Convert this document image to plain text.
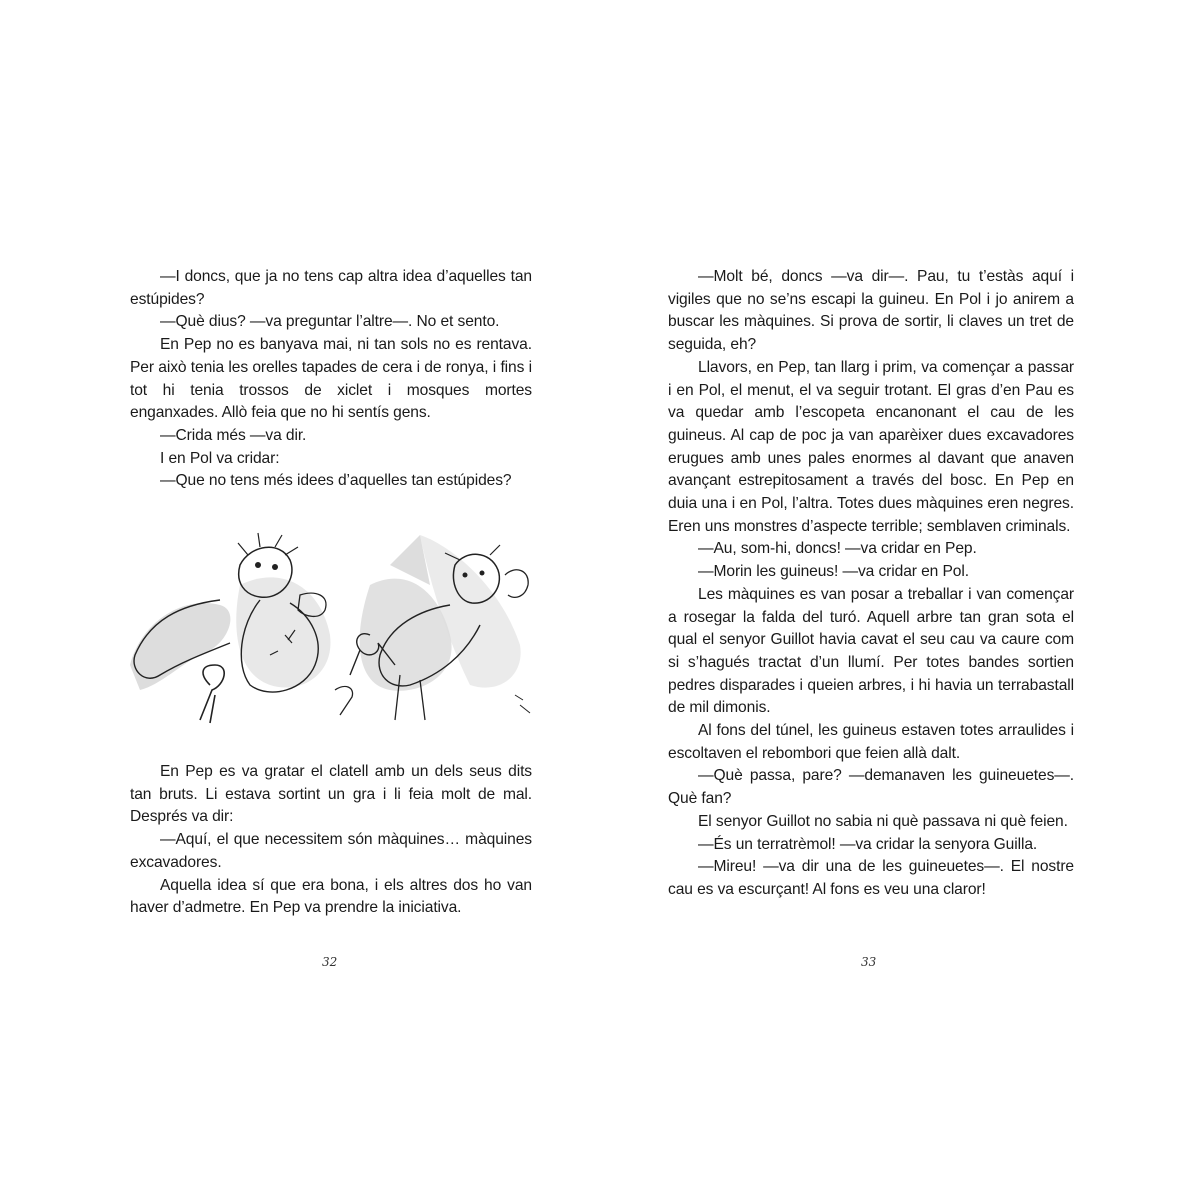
—I doncs, que ja no tens cap altra idea d’aquelles tan estúpides?

—Què dius? —va preguntar l’altre—. No et sento.

En Pep no es banyava mai, ni tan sols no es rentava. Per això tenia les orelles tapades de cera i de ronya, i fins i tot hi tenia trossos de xiclet i mosques mortes enganxades. Allò feia que no hi sentís gens.

—Crida més —va dir.

I en Pol va cridar:

—Que no tens més idees d’aquelles tan estúpides?

En Pep es va gratar el clatell amb un dels seus dits tan bruts. Li estava sortint un gra i li feia molt de mal. Després va dir:

—Aquí, el que necessitem són màquines… màquines excavadores.

Aquella idea sí que era bona, i els altres dos ho van haver d’admetre. En Pep va prendre la iniciativa.

—Molt bé, doncs —va dir—. Pau, tu t’estàs aquí i vigiles que no se’ns escapi la guineu. En Pol i jo anirem a buscar les màquines. Si prova de sortir, li claves un tret de seguida, eh?

Llavors, en Pep, tan llarg i prim, va començar a passar i en Pol, el menut, el va seguir trotant. El gras d’en Pau es va quedar amb l’escopeta encanonant el cau de les guineus. Al cap de poc ja van aparèixer dues excavadores erugues amb unes pales enormes al davant que anaven avançant estrepitosament a través del bosc. En Pep en duia una i en Pol, l’altra. Totes dues màquines eren negres. Eren uns monstres d’aspecte terrible; semblaven criminals.

—Au, som-hi, doncs! —va cridar en Pep.

—Morin les guineus! —va cridar en Pol.

Les màquines es van posar a treballar i van començar a rosegar la falda del turó. Aquell arbre tan gran sota el qual el senyor Guillot havia cavat el seu cau va caure com si s’hagués tractat d’un llumí. Per totes bandes sortien pedres disparades i queien arbres, i hi havia un terrabastall de mil dimonis.

Al fons del túnel, les guineus estaven totes arraulides i escoltaven el rebombori que feien allà dalt.

—Què passa, pare? —demanaven les guineuetes—. Què fan?

El senyor Guillot no sabia ni què passava ni què feien.

—És un terratrèmol! —va cridar la senyora Guilla.

—Mireu! —va dir una de les guineuetes—. El nostre cau es va escurçant! Al fons es veu una claror!

32	33
